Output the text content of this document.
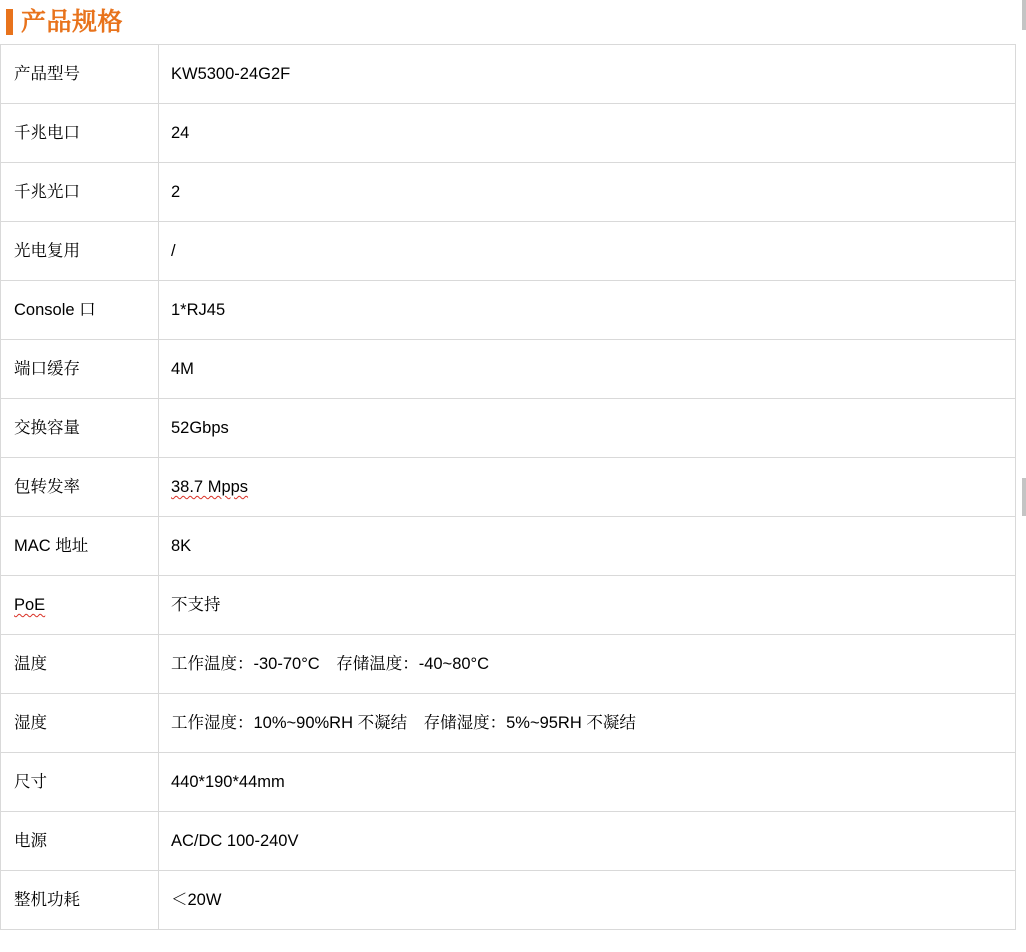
产品规格
产品型号	KW5300-24G2F
千兆电口	24
千兆光口	2
光电复用	/
Console 口	1*RJ45
端口缓存	4M
交换容量	52Gbps
包转发率	38.7 Mpps
MAC 地址	8K
PoE	不支持
温度	工作温度：-30-70°C　存储温度：-40~80°C
湿度	工作湿度：10%~90%RH 不凝结　存储湿度：5%~95RH 不凝结
尺寸	440*190*44mm
电源	AC/DC 100-240V
整机功耗	＜20W
